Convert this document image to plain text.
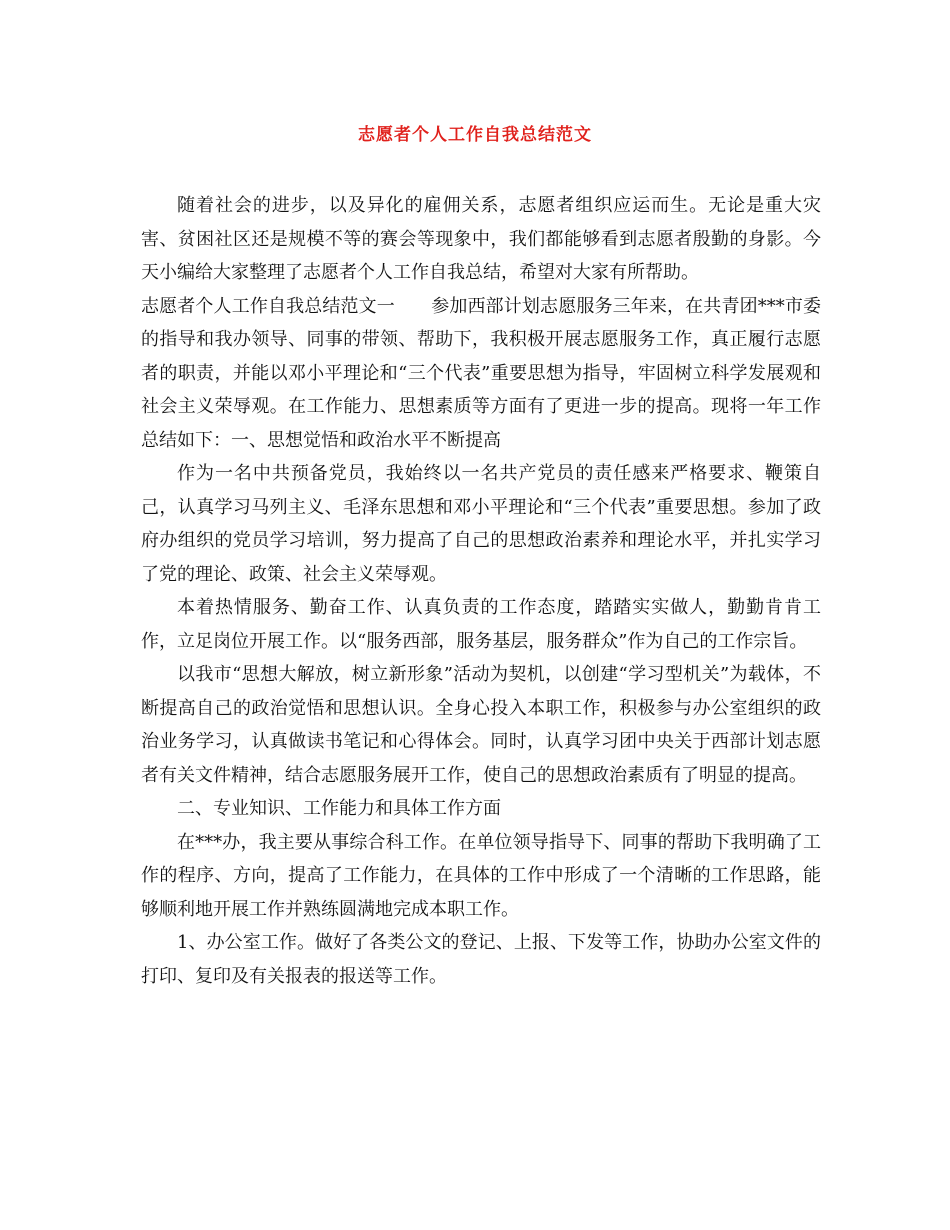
志愿者个人工作自我总结范文

随着社会的进步，以及异化的雇佣关系，志愿者组织应运而生。无论是重大灾害、贫困社区还是规模不等的赛会等现象中，我们都能够看到志愿者殷勤的身影。今天小编给大家整理了志愿者个人工作自我总结，希望对大家有所帮助。

志愿者个人工作自我总结范文一　　参加西部计划志愿服务三年来，在共青团***市委的指导和我办领导、同事的带领、帮助下，我积极开展志愿服务工作，真正履行志愿者的职责，并能以邓小平理论和“三个代表”重要思想为指导，牢固树立科学发展观和社会主义荣辱观。在工作能力、思想素质等方面有了更进一步的提高。现将一年工作总结如下：一、思想觉悟和政治水平不断提高

作为一名中共预备党员，我始终以一名共产党员的责任感来严格要求、鞭策自己，认真学习马列主义、毛泽东思想和邓小平理论和“三个代表”重要思想。参加了政府办组织的党员学习培训，努力提高了自己的思想政治素养和理论水平，并扎实学习了党的理论、政策、社会主义荣辱观。

本着热情服务、勤奋工作、认真负责的工作态度，踏踏实实做人，勤勤肯肯工作，立足岗位开展工作。以“服务西部，服务基层，服务群众”作为自己的工作宗旨。

以我市“思想大解放，树立新形象”活动为契机，以创建“学习型机关”为载体，不断提高自己的政治觉悟和思想认识。全身心投入本职工作，积极参与办公室组织的政治业务学习，认真做读书笔记和心得体会。同时，认真学习团中央关于西部计划志愿者有关文件精神，结合志愿服务展开工作，使自己的思想政治素质有了明显的提高。

二、专业知识、工作能力和具体工作方面

在***办，我主要从事综合科工作。在单位领导指导下、同事的帮助下我明确了工作的程序、方向，提高了工作能力，在具体的工作中形成了一个清晰的工作思路，能够顺利地开展工作并熟练圆满地完成本职工作。

1、办公室工作。做好了各类公文的登记、上报、下发等工作，协助办公室文件的打印、复印及有关报表的报送等工作。
